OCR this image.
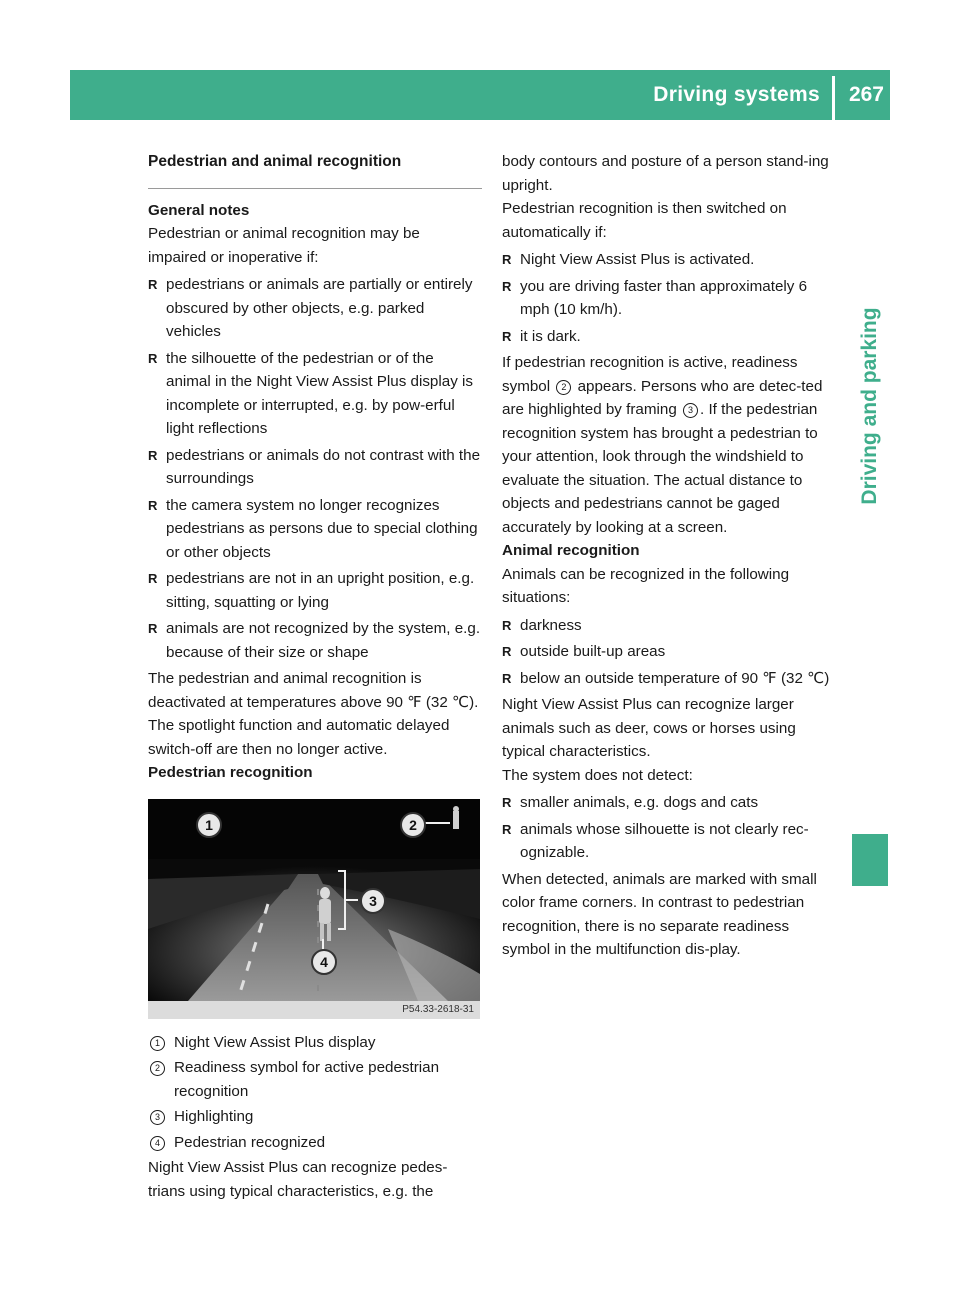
Driving systems 267
Driving and parking
Pedestrian and animal recognition

General notes

Pedestrian or animal recognition may be impaired or inoperative if:

R pedestrians or animals are partially or entirely obscured by other objects, e.g. parked vehicles
R the silhouette of the pedestrian or of the animal in the Night View Assist Plus display is incomplete or interrupted, e.g. by pow-erful light reflections
R pedestrians or animals do not contrast with the surroundings
R the camera system no longer recognizes pedestrians as persons due to special clothing or other objects
R pedestrians are not in an upright position, e.g. sitting, squatting or lying
R animals are not recognized by the system, e.g. because of their size or shape

The pedestrian and animal recognition is deactivated at temperatures above 90 ℉ (32 ℃). The spotlight function and automatic delayed switch-off are then no longer active.

Pedestrian recognition

1	2
3
4
P54.33-2618-31
1 Night View Assist Plus display
2 Readiness symbol for active pedestrian recognition
3 Highlighting
4 Pedestrian recognized

Night View Assist Plus can recognize pedes-trians using typical characteristics, e.g. the

body contours and posture of a person stand-ing upright.

Pedestrian recognition is then switched on automatically if:

R Night View Assist Plus is activated.
R you are driving faster than approximately 6 mph (10 km/h).
R it is dark.

If pedestrian recognition is active, readiness symbol 2 appears. Persons who are detec-ted are highlighted by framing 3 . If the pedestrian recognition system has brought a pedestrian to your attention, look through the windshield to evaluate the situation. The actual distance to objects and pedestrians cannot be gaged accurately by looking at a screen.

Animal recognition

Animals can be recognized in the following situations:

R darkness
R outside built-up areas
R below an outside temperature of 90 ℉ (32 ℃)

Night View Assist Plus can recognize larger animals such as deer, cows or horses using typical characteristics.

The system does not detect:

R smaller animals, e.g. dogs and cats
R animals whose silhouette is not clearly rec-ognizable.

When detected, animals are marked with small color frame corners. In contrast to pedestrian recognition, there is no separate readiness symbol in the multifunction dis-play.
